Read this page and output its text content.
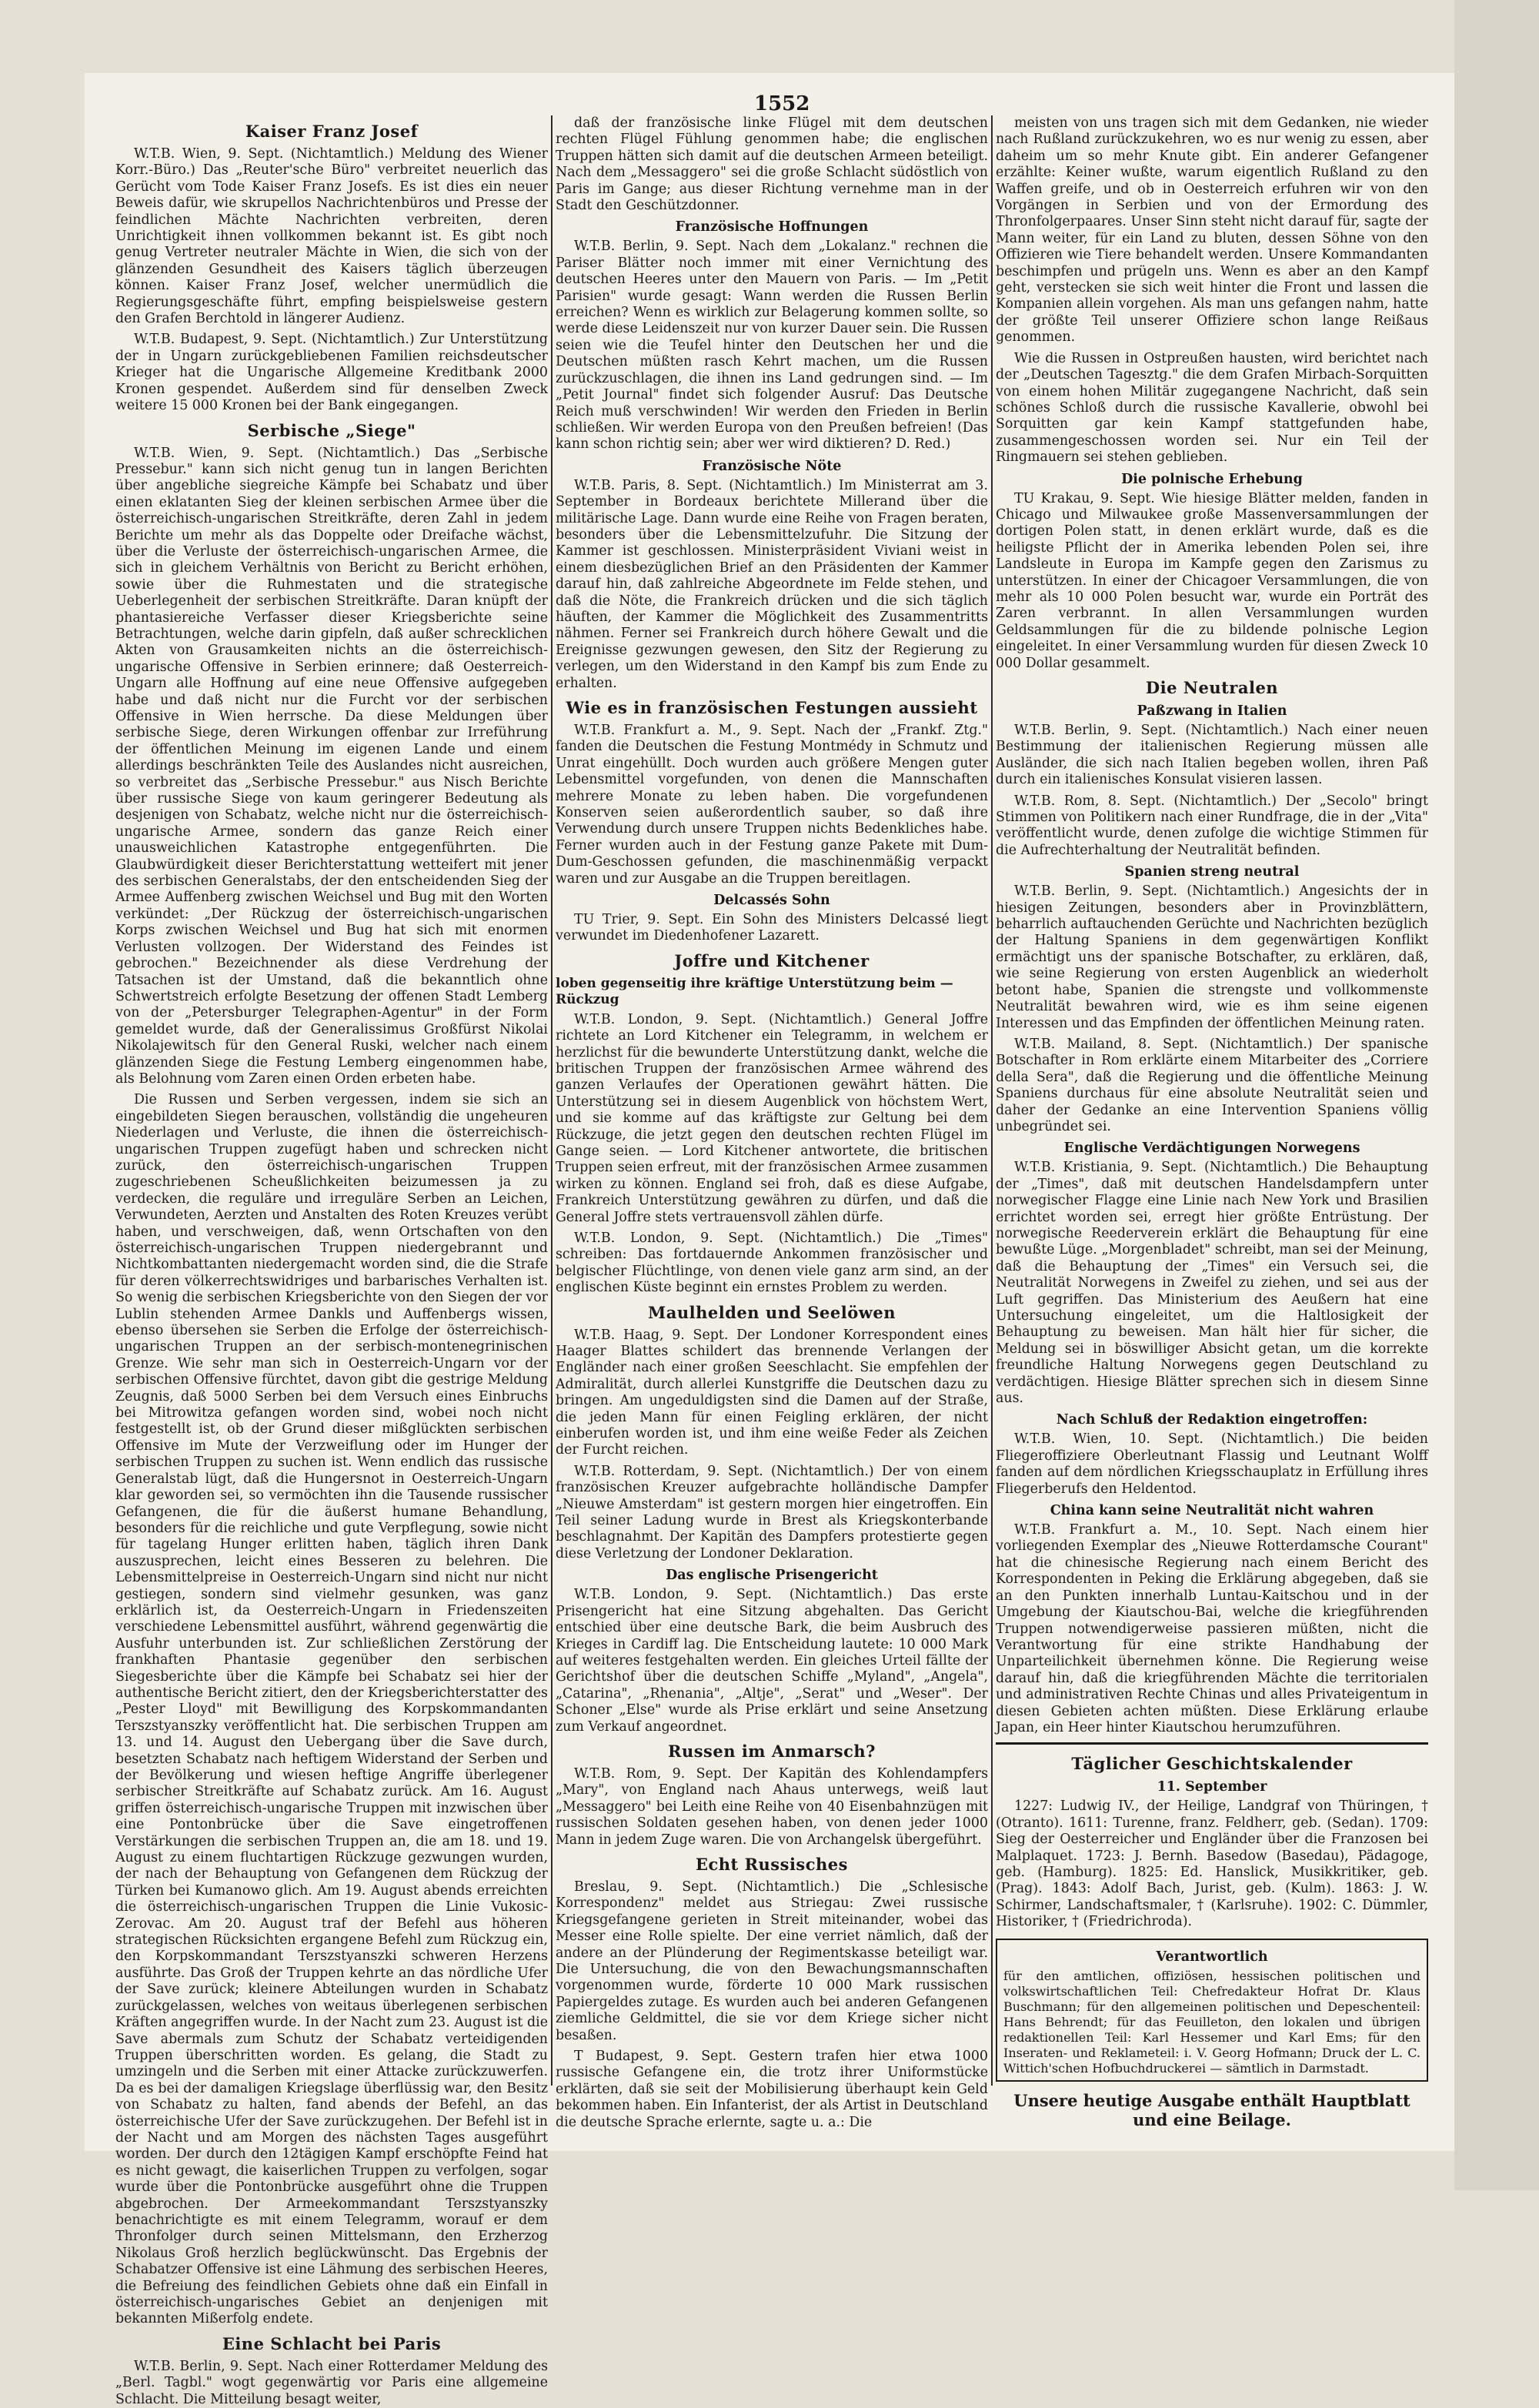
1552
Kaiser Franz Josef

W.T.B. Wien, 9. Sept. (Nichtamtlich.) Meldung des Wiener Korr.-Büro.) Das „Reuter'sche Büro" verbreitet neuerlich das Gerücht vom Tode Kaiser Franz Josefs. Es ist dies ein neuer Beweis dafür, wie skrupellos Nachrichtenbüros und Presse der feindlichen Mächte Nachrichten verbreiten, deren Unrichtigkeit ihnen vollkommen bekannt ist. Es gibt noch genug Vertreter neutraler Mächte in Wien, die sich von der glänzenden Gesundheit des Kaisers täglich überzeugen können. Kaiser Franz Josef, welcher unermüdlich die Regierungsgeschäfte führt, empfing beispielsweise gestern den Grafen Berchtold in längerer Audienz.

W.T.B. Budapest, 9. Sept. (Nichtamtlich.) Zur Unterstützung der in Ungarn zurückgebliebenen Familien reichsdeutscher Krieger hat die Ungarische Allgemeine Kreditbank 2000 Kronen gespendet. Außerdem sind für denselben Zweck weitere 15 000 Kronen bei der Bank eingegangen.

Serbische „Siege"

W.T.B. Wien, 9. Sept. (Nichtamtlich.) Das „Serbische Pressebur." kann sich nicht genug tun in langen Berichten über angebliche siegreiche Kämpfe bei Schabatz und über einen eklatanten Sieg der kleinen serbischen Armee über die österreichisch-ungarischen Streitkräfte, deren Zahl in jedem Berichte um mehr als das Doppelte oder Dreifache wächst, über die Verluste der österreichisch-ungarischen Armee, die sich in gleichem Verhältnis von Bericht zu Bericht erhöhen, sowie über die Ruhmestaten und die strategische Ueberlegenheit der serbischen Streitkräfte. Daran knüpft der phantasiereiche Verfasser dieser Kriegsberichte seine Betrachtungen, welche darin gipfeln, daß außer schrecklichen Akten von Grausamkeiten nichts an die österreichisch-ungarische Offensive in Serbien erinnere; daß Oesterreich-Ungarn alle Hoffnung auf eine neue Offensive aufgegeben habe und daß nicht nur die Furcht vor der serbischen Offensive in Wien herrsche. Da diese Meldungen über serbische Siege, deren Wirkungen offenbar zur Irreführung der öffentlichen Meinung im eigenen Lande und einem allerdings beschränkten Teile des Auslandes nicht ausreichen, so verbreitet das „Serbische Pressebur." aus Nisch Berichte über russische Siege von kaum geringerer Bedeutung als desjenigen von Schabatz, welche nicht nur die österreichisch-ungarische Armee, sondern das ganze Reich einer unausweichlichen Katastrophe entgegenführten. Die Glaubwürdigkeit dieser Berichterstattung wetteifert mit jener des serbischen Generalstabs, der den entscheidenden Sieg der Armee Auffenberg zwischen Weichsel und Bug mit den Worten verkündet: „Der Rückzug der österreichisch-ungarischen Korps zwischen Weichsel und Bug hat sich mit enormen Verlusten vollzogen. Der Widerstand des Feindes ist gebrochen." Bezeichnender als diese Verdrehung der Tatsachen ist der Umstand, daß die bekanntlich ohne Schwertstreich erfolgte Besetzung der offenen Stadt Lemberg von der „Petersburger Telegraphen-Agentur" in der Form gemeldet wurde, daß der Generalissimus Großfürst Nikolai Nikolajewitsch für den General Ruski, welcher nach einem glänzenden Siege die Festung Lemberg eingenommen habe, als Belohnung vom Zaren einen Orden erbeten habe.

Die Russen und Serben vergessen, indem sie sich an eingebildeten Siegen berauschen, vollständig die ungeheuren Niederlagen und Verluste, die ihnen die österreichisch-ungarischen Truppen zugefügt haben und schrecken nicht zurück, den österreichisch-ungarischen Truppen zugeschriebenen Scheußlichkeiten beizumessen ja zu verdecken, die reguläre und irreguläre Serben an Leichen, Verwundeten, Aerzten und Anstalten des Roten Kreuzes verübt haben, und verschweigen, daß, wenn Ortschaften von den österreichisch-ungarischen Truppen niedergebrannt und Nichtkombattanten niedergemacht worden sind, die die Strafe für deren völkerrechtswidriges und barbarisches Verhalten ist. So wenig die serbischen Kriegsberichte von den Siegen der vor Lublin stehenden Armee Dankls und Auffenbergs wissen, ebenso übersehen sie Serben die Erfolge der österreichisch-ungarischen Truppen an der serbisch-montenegrinischen Grenze. Wie sehr man sich in Oesterreich-Ungarn vor der serbischen Offensive fürchtet, davon gibt die gestrige Meldung Zeugnis, daß 5000 Serben bei dem Versuch eines Einbruchs bei Mitrowitza gefangen worden sind, wobei noch nicht festgestellt ist, ob der Grund dieser mißglückten serbischen Offensive im Mute der Verzweiflung oder im Hunger der serbischen Truppen zu suchen ist. Wenn endlich das russische Generalstab lügt, daß die Hungersnot in Oesterreich-Ungarn klar geworden sei, so vermöchten ihn die Tausende russischer Gefangenen, die für die äußerst humane Behandlung, besonders für die reichliche und gute Verpflegung, sowie nicht für tagelang Hunger erlitten haben, täglich ihren Dank auszusprechen, leicht eines Besseren zu belehren. Die Lebensmittelpreise in Oesterreich-Ungarn sind nicht nur nicht gestiegen, sondern sind vielmehr gesunken, was ganz erklärlich ist, da Oesterreich-Ungarn in Friedenszeiten verschiedene Lebensmittel ausführt, während gegenwärtig die Ausfuhr unterbunden ist. Zur schließlichen Zerstörung der frankhaften Phantasie gegenüber den serbischen Siegesberichte über die Kämpfe bei Schabatz sei hier der authentische Bericht zitiert, den der Kriegsberichterstatter des „Pester Lloyd" mit Bewilligung des Korpskommandanten Terszstyanszky veröffentlicht hat. Die serbischen Truppen am 13. und 14. August den Uebergang über die Save durch, besetzten Schabatz nach heftigem Widerstand der Serben und der Bevölkerung und wiesen heftige Angriffe überlegener serbischer Streitkräfte auf Schabatz zurück. Am 16. August griffen österreichisch-ungarische Truppen mit inzwischen über eine Pontonbrücke über die Save eingetroffenen Verstärkungen die serbischen Truppen an, die am 18. und 19. August zu einem fluchtartigen Rückzuge gezwungen wurden, der nach der Behauptung von Gefangenen dem Rückzug der Türken bei Kumanowo glich. Am 19. August abends erreichten die österreichisch-ungarischen Truppen die Linie Vukosic-Zerovac. Am 20. August traf der Befehl aus höheren strategischen Rücksichten ergangene Befehl zum Rückzug ein, den Korpskommandant Terszstyanszki schweren Herzens ausführte. Das Groß der Truppen kehrte an das nördliche Ufer der Save zurück; kleinere Abteilungen wurden in Schabatz zurückgelassen, welches von weitaus überlegenen serbischen Kräften angegriffen wurde. In der Nacht zum 23. August ist die Save abermals zum Schutz der Schabatz verteidigenden Truppen überschritten worden. Es gelang, die Stadt zu umzingeln und die Serben mit einer Attacke zurückzuwerfen. Da es bei der damaligen Kriegslage überflüssig war, den Besitz von Schabatz zu halten, fand abends der Befehl, an das österreichische Ufer der Save zurückzugehen. Der Befehl ist in der Nacht und am Morgen des nächsten Tages ausgeführt worden. Der durch den 12tägigen Kampf erschöpfte Feind hat es nicht gewagt, die kaiserlichen Truppen zu verfolgen, sogar wurde über die Pontonbrücke ausgeführt ohne die Truppen abgebrochen. Der Armeekommandant Terszstyanszky benachrichtigte es mit einem Telegramm, worauf er dem Thronfolger durch seinen Mittelsmann, den Erzherzog Nikolaus Groß herzlich beglückwünscht. Das Ergebnis der Schabatzer Offensive ist eine Lähmung des serbischen Heeres, die Befreiung des feindlichen Gebiets ohne daß ein Einfall in österreichisch-ungarisches Gebiet an denjenigen mit bekannten Mißerfolg endete.

Eine Schlacht bei Paris

W.T.B. Berlin, 9. Sept. Nach einer Rotterdamer Meldung des „Berl. Tagbl." wogt gegenwärtig vor Paris eine allgemeine Schlacht. Die Mitteilung besagt weiter,

daß der französische linke Flügel mit dem deutschen rechten Flügel Fühlung genommen habe; die englischen Truppen hätten sich damit auf die deutschen Armeen beteiligt. Nach dem „Messaggero" sei die große Schlacht südöstlich von Paris im Gange; aus dieser Richtung vernehme man in der Stadt den Geschützdonner.

Französische Hoffnungen

W.T.B. Berlin, 9. Sept. Nach dem „Lokalanz." rechnen die Pariser Blätter noch immer mit einer Vernichtung des deutschen Heeres unter den Mauern von Paris. — Im „Petit Parisien" wurde gesagt: Wann werden die Russen Berlin erreichen? Wenn es wirklich zur Belagerung kommen sollte, so werde diese Leidenszeit nur von kurzer Dauer sein. Die Russen seien wie die Teufel hinter den Deutschen her und die Deutschen müßten rasch Kehrt machen, um die Russen zurückzuschlagen, die ihnen ins Land gedrungen sind. — Im „Petit Journal" findet sich folgender Ausruf: Das Deutsche Reich muß verschwinden! Wir werden den Frieden in Berlin schließen. Wir werden Europa von den Preußen befreien! (Das kann schon richtig sein; aber wer wird diktieren? D. Red.)

Französische Nöte

W.T.B. Paris, 8. Sept. (Nichtamtlich.) Im Ministerrat am 3. September in Bordeaux berichtete Millerand über die militärische Lage. Dann wurde eine Reihe von Fragen beraten, besonders über die Lebensmittelzufuhr. Die Sitzung der Kammer ist geschlossen. Ministerpräsident Viviani weist in einem diesbezüglichen Brief an den Präsidenten der Kammer darauf hin, daß zahlreiche Abgeordnete im Felde stehen, und daß die Nöte, die Frankreich drücken und die sich täglich häuften, der Kammer die Möglichkeit des Zusammentritts nähmen. Ferner sei Frankreich durch höhere Gewalt und die Ereignisse gezwungen gewesen, den Sitz der Regierung zu verlegen, um den Widerstand in den Kampf bis zum Ende zu erhalten.

Wie es in französischen Festungen aussieht

W.T.B. Frankfurt a. M., 9. Sept. Nach der „Frankf. Ztg." fanden die Deutschen die Festung Montmédy in Schmutz und Unrat eingehüllt. Doch wurden auch größere Mengen guter Lebensmittel vorgefunden, von denen die Mannschaften mehrere Monate zu leben haben. Die vorgefundenen Konserven seien außerordentlich sauber, so daß ihre Verwendung durch unsere Truppen nichts Bedenkliches habe. Ferner wurden auch in der Festung ganze Pakete mit Dum-Dum-Geschossen gefunden, die maschinenmäßig verpackt waren und zur Ausgabe an die Truppen bereitlagen.

Delcassés Sohn

TU Trier, 9. Sept. Ein Sohn des Ministers Delcassé liegt verwundet im Diedenhofener Lazarett.

Joffre und Kitchener
loben gegenseitig ihre kräftige Unterstützung beim — Rückzug

W.T.B. London, 9. Sept. (Nichtamtlich.) General Joffre richtete an Lord Kitchener ein Telegramm, in welchem er herzlichst für die bewunderte Unterstützung dankt, welche die britischen Truppen der französischen Armee während des ganzen Verlaufes der Operationen gewährt hätten. Die Unterstützung sei in diesem Augenblick von höchstem Wert, und sie komme auf das kräftigste zur Geltung bei dem Rückzuge, die jetzt gegen den deutschen rechten Flügel im Gange seien. — Lord Kitchener antwortete, die britischen Truppen seien erfreut, mit der französischen Armee zusammen wirken zu können. England sei froh, daß es diese Aufgabe, Frankreich Unterstützung gewähren zu dürfen, und daß die General Joffre stets vertrauensvoll zählen dürfe.

W.T.B. London, 9. Sept. (Nichtamtlich.) Die „Times" schreiben: Das fortdauernde Ankommen französischer und belgischer Flüchtlinge, von denen viele ganz arm sind, an der englischen Küste beginnt ein ernstes Problem zu werden.

Maulhelden und Seelöwen

W.T.B. Haag, 9. Sept. Der Londoner Korrespondent eines Haager Blattes schildert das brennende Verlangen der Engländer nach einer großen Seeschlacht. Sie empfehlen der Admiralität, durch allerlei Kunstgriffe die Deutschen dazu zu bringen. Am ungeduldigsten sind die Damen auf der Straße, die jeden Mann für einen Feigling erklären, der nicht einberufen worden ist, und ihm eine weiße Feder als Zeichen der Furcht reichen.

W.T.B. Rotterdam, 9. Sept. (Nichtamtlich.) Der von einem französischen Kreuzer aufgebrachte holländische Dampfer „Nieuwe Amsterdam" ist gestern morgen hier eingetroffen. Ein Teil seiner Ladung wurde in Brest als Kriegskonterbande beschlagnahmt. Der Kapitän des Dampfers protestierte gegen diese Verletzung der Londoner Deklaration.

Das englische Prisengericht

W.T.B. London, 9. Sept. (Nichtamtlich.) Das erste Prisengericht hat eine Sitzung abgehalten. Das Gericht entschied über eine deutsche Bark, die beim Ausbruch des Krieges in Cardiff lag. Die Entscheidung lautete: 10 000 Mark auf weiteres festgehalten werden. Ein gleiches Urteil fällte der Gerichtshof über die deutschen Schiffe „Myland", „Angela", „Catarina", „Rhenania", „Altje", „Serat" und „Weser". Der Schoner „Else" wurde als Prise erklärt und seine Ansetzung zum Verkauf angeordnet.

Russen im Anmarsch?

W.T.B. Rom, 9. Sept. Der Kapitän des Kohlendampfers „Mary", von England nach Ahaus unterwegs, weiß laut „Messaggero" bei Leith eine Reihe von 40 Eisenbahnzügen mit russischen Soldaten gesehen haben, von denen jeder 1000 Mann in jedem Zuge waren. Die von Archangelsk übergeführt.

Echt Russisches

Breslau, 9. Sept. (Nichtamtlich.) Die „Schlesische Korrespondenz" meldet aus Striegau: Zwei russische Kriegsgefangene gerieten in Streit miteinander, wobei das Messer eine Rolle spielte. Der eine verriet nämlich, daß der andere an der Plünderung der Regimentskasse beteiligt war. Die Untersuchung, die von den Bewachungsmannschaften vorgenommen wurde, förderte 10 000 Mark russischen Papiergeldes zutage. Es wurden auch bei anderen Gefangenen ziemliche Geldmittel, die sie vor dem Kriege sicher nicht besaßen.

T Budapest, 9. Sept. Gestern trafen hier etwa 1000 russische Gefangene ein, die trotz ihrer Uniformstücke erklärten, daß sie seit der Mobilisierung überhaupt kein Geld bekommen haben. Ein Infanterist, der als Artist in Deutschland die deutsche Sprache erlernte, sagte u. a.: Die

meisten von uns tragen sich mit dem Gedanken, nie wieder nach Rußland zurückzukehren, wo es nur wenig zu essen, aber daheim um so mehr Knute gibt. Ein anderer Gefangener erzählte: Keiner wußte, warum eigentlich Rußland zu den Waffen greife, und ob in Oesterreich erfuhren wir von den Vorgängen in Serbien und von der Ermordung des Thronfolgerpaares. Unser Sinn steht nicht darauf für, sagte der Mann weiter, für ein Land zu bluten, dessen Söhne von den Offizieren wie Tiere behandelt werden. Unsere Kommandanten beschimpfen und prügeln uns. Wenn es aber an den Kampf geht, verstecken sie sich weit hinter die Front und lassen die Kompanien allein vorgehen. Als man uns gefangen nahm, hatte der größte Teil unserer Offiziere schon lange Reißaus genommen.

Wie die Russen in Ostpreußen hausten, wird berichtet nach der „Deutschen Tagesztg." die dem Grafen Mirbach-Sorquitten von einem hohen Militär zugegangene Nachricht, daß sein schönes Schloß durch die russische Kavallerie, obwohl bei Sorquitten gar kein Kampf stattgefunden habe, zusammengeschossen worden sei. Nur ein Teil der Ringmauern sei stehen geblieben.

Die polnische Erhebung

TU Krakau, 9. Sept. Wie hiesige Blätter melden, fanden in Chicago und Milwaukee große Massenversammlungen der dortigen Polen statt, in denen erklärt wurde, daß es die heiligste Pflicht der in Amerika lebenden Polen sei, ihre Landsleute in Europa im Kampfe gegen den Zarismus zu unterstützen. In einer der Chicagoer Versammlungen, die von mehr als 10 000 Polen besucht war, wurde ein Porträt des Zaren verbrannt. In allen Versammlungen wurden Geldsammlungen für die zu bildende polnische Legion eingeleitet. In einer Versammlung wurden für diesen Zweck 10 000 Dollar gesammelt.

Die Neutralen
Paßzwang in Italien

W.T.B. Berlin, 9. Sept. (Nichtamtlich.) Nach einer neuen Bestimmung der italienischen Regierung müssen alle Ausländer, die sich nach Italien begeben wollen, ihren Paß durch ein italienisches Konsulat visieren lassen.

W.T.B. Rom, 8. Sept. (Nichtamtlich.) Der „Secolo" bringt Stimmen von Politikern nach einer Rundfrage, die in der „Vita" veröffentlicht wurde, denen zufolge die wichtige Stimmen für die Aufrechterhaltung der Neutralität befinden.

Spanien streng neutral

W.T.B. Berlin, 9. Sept. (Nichtamtlich.) Angesichts der in hiesigen Zeitungen, besonders aber in Provinzblättern, beharrlich auftauchenden Gerüchte und Nachrichten bezüglich der Haltung Spaniens in dem gegenwärtigen Konflikt ermächtigt uns der spanische Botschafter, zu erklären, daß, wie seine Regierung von ersten Augenblick an wiederholt betont habe, Spanien die strengste und vollkommenste Neutralität bewahren wird, wie es ihm seine eigenen Interessen und das Empfinden der öffentlichen Meinung raten.

W.T.B. Mailand, 8. Sept. (Nichtamtlich.) Der spanische Botschafter in Rom erklärte einem Mitarbeiter des „Corriere della Sera", daß die Regierung und die öffentliche Meinung Spaniens durchaus für eine absolute Neutralität seien und daher der Gedanke an eine Intervention Spaniens völlig unbegründet sei.

Englische Verdächtigungen Norwegens

W.T.B. Kristiania, 9. Sept. (Nichtamtlich.) Die Behauptung der „Times", daß mit deutschen Handelsdampfern unter norwegischer Flagge eine Linie nach New York und Brasilien errichtet worden sei, erregt hier größte Entrüstung. Der norwegische Reederverein erklärt die Behauptung für eine bewußte Lüge. „Morgenbladet" schreibt, man sei der Meinung, daß die Behauptung der „Times" ein Versuch sei, die Neutralität Norwegens in Zweifel zu ziehen, und sei aus der Luft gegriffen. Das Ministerium des Aeußern hat eine Untersuchung eingeleitet, um die Haltlosigkeit der Behauptung zu beweisen. Man hält hier für sicher, die Meldung sei in böswilliger Absicht getan, um die korrekte freundliche Haltung Norwegens gegen Deutschland zu verdächtigen. Hiesige Blätter sprechen sich in diesem Sinne aus.

Nach Schluß der Redaktion eingetroffen:

W.T.B. Wien, 10. Sept. (Nichtamtlich.) Die beiden Fliegeroffiziere Oberleutnant Flassig und Leutnant Wolff fanden auf dem nördlichen Kriegsschauplatz in Erfüllung ihres Fliegerberufs den Heldentod.

China kann seine Neutralität nicht wahren

W.T.B. Frankfurt a. M., 10. Sept. Nach einem hier vorliegenden Exemplar des „Nieuwe Rotterdamsche Courant" hat die chinesische Regierung nach einem Bericht des Korrespondenten in Peking die Erklärung abgegeben, daß sie an den Punkten innerhalb Luntau-Kaitschou und in der Umgebung der Kiautschou-Bai, welche die kriegführenden Truppen notwendigerweise passieren müßten, nicht die Verantwortung für eine strikte Handhabung der Unparteilichkeit übernehmen könne. Die Regierung weise darauf hin, daß die kriegführenden Mächte die territorialen und administrativen Rechte Chinas und alles Privateigentum in diesen Gebieten achten müßten. Diese Erklärung erlaube Japan, ein Heer hinter Kiautschou herumzuführen.

Täglicher Geschichtskalender
11. September

1227: Ludwig IV., der Heilige, Landgraf von Thüringen, † (Otranto). 1611: Turenne, franz. Feldherr, geb. (Sedan). 1709: Sieg der Oesterreicher und Engländer über die Franzosen bei Malplaquet. 1723: J. Bernh. Basedow (Basedau), Pädagoge, geb. (Hamburg). 1825: Ed. Hanslick, Musikkritiker, geb. (Prag). 1843: Adolf Bach, Jurist, geb. (Kulm). 1863: J. W. Schirmer, Landschaftsmaler, † (Karlsruhe). 1902: C. Dümmler, Historiker, † (Friedrichroda).

Verantwortlich
für den amtlichen, offiziösen, hessischen politischen und volkswirtschaftlichen Teil: Chefredakteur Hofrat Dr. Klaus Buschmann; für den allgemeinen politischen und Depeschenteil: Hans Behrendt; für das Feuilleton, den lokalen und übrigen redaktionellen Teil: Karl Hessemer und Karl Ems; für den Inseraten- und Reklameteil: i. V. Georg Hofmann; Druck der L. C. Wittich'schen Hofbuchdruckerei — sämtlich in Darmstadt.
Unsere heutige Ausgabe enthält Hauptblatt und eine Beilage.
